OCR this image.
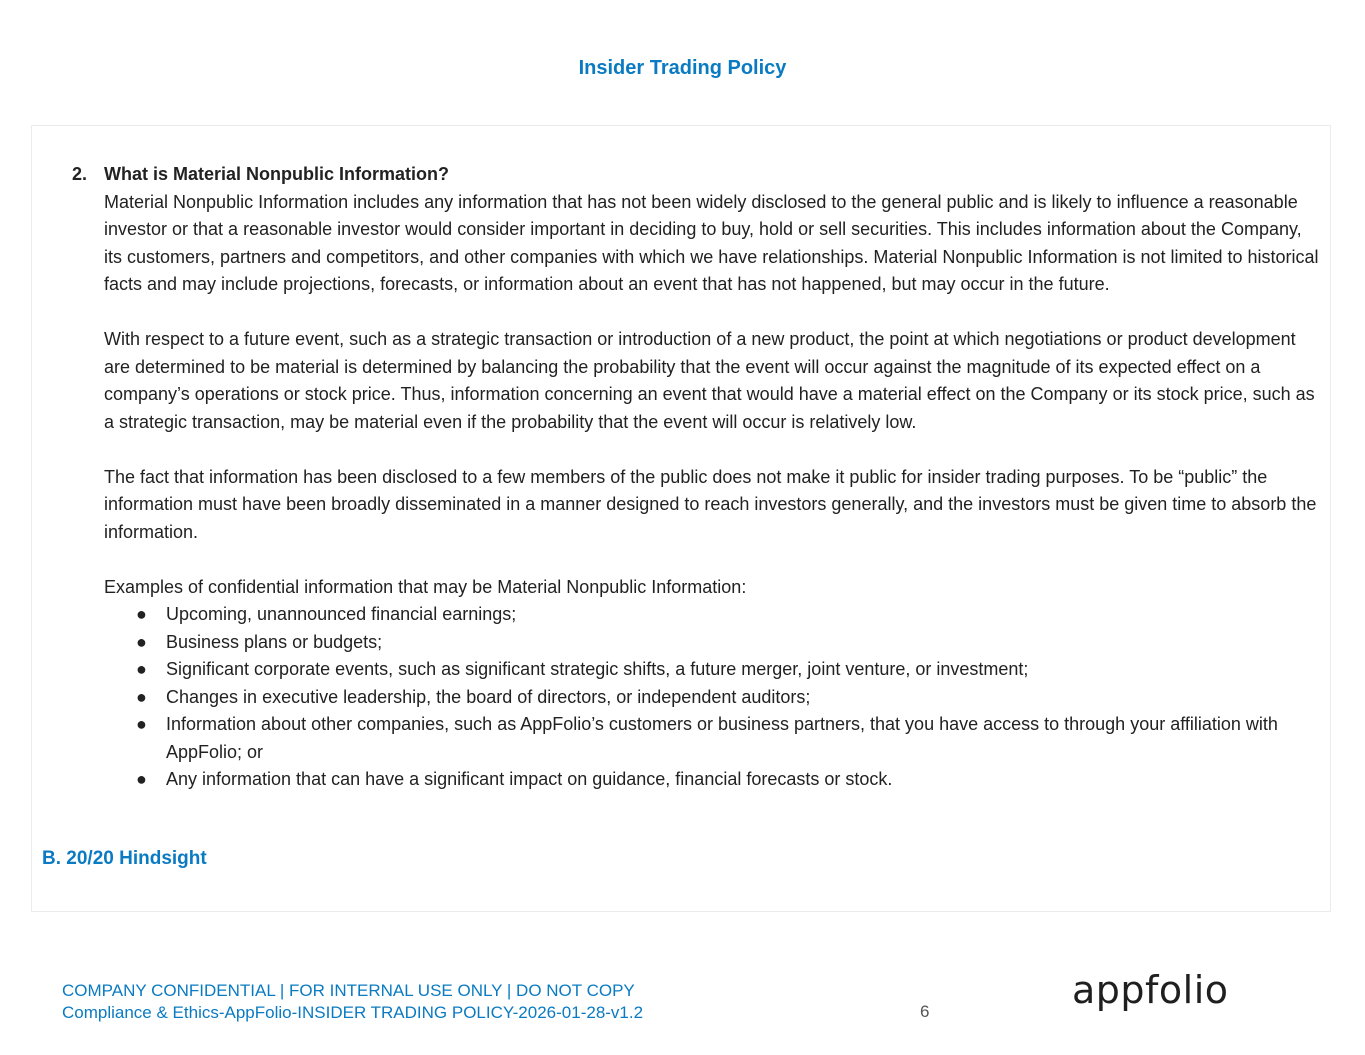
Insider Trading Policy
2. What is Material Nonpublic Information?

Material Nonpublic Information includes any information that has not been widely disclosed to the general public and is likely to influence a reasonable investor or that a reasonable investor would consider important in deciding to buy, hold or sell securities. This includes information about the Company, its customers, partners and competitors, and other companies with which we have relationships. Material Nonpublic Information is not limited to historical facts and may include projections, forecasts, or information about an event that has not happened, but may occur in the future.

With respect to a future event, such as a strategic transaction or introduction of a new product, the point at which negotiations or product development are determined to be material is determined by balancing the probability that the event will occur against the magnitude of its expected effect on a company’s operations or stock price. Thus, information concerning an event that would have a material effect on the Company or its stock price, such as a strategic transaction, may be material even if the probability that the event will occur is relatively low.

The fact that information has been disclosed to a few members of the public does not make it public for insider trading purposes. To be “public” the information must have been broadly disseminated in a manner designed to reach investors generally, and the investors must be given time to absorb the information.

Examples of confidential information that may be Material Nonpublic Information:

● Upcoming, unannounced financial earnings;
● Business plans or budgets;
● Significant corporate events, such as significant strategic shifts, a future merger, joint venture, or investment;
● Changes in executive leadership, the board of directors, or independent auditors;
● Information about other companies, such as AppFolio’s customers or business partners, that you have access to through your affiliation with AppFolio; or
● Any information that can have a significant impact on guidance, financial forecasts or stock.
B. 20/20 Hindsight
COMPANY CONFIDENTIAL | FOR INTERNAL USE ONLY | DO NOT COPY
Compliance & Ethics-AppFolio-INSIDER TRADING POLICY-2026-01-28-v1.2	6	appfolio
